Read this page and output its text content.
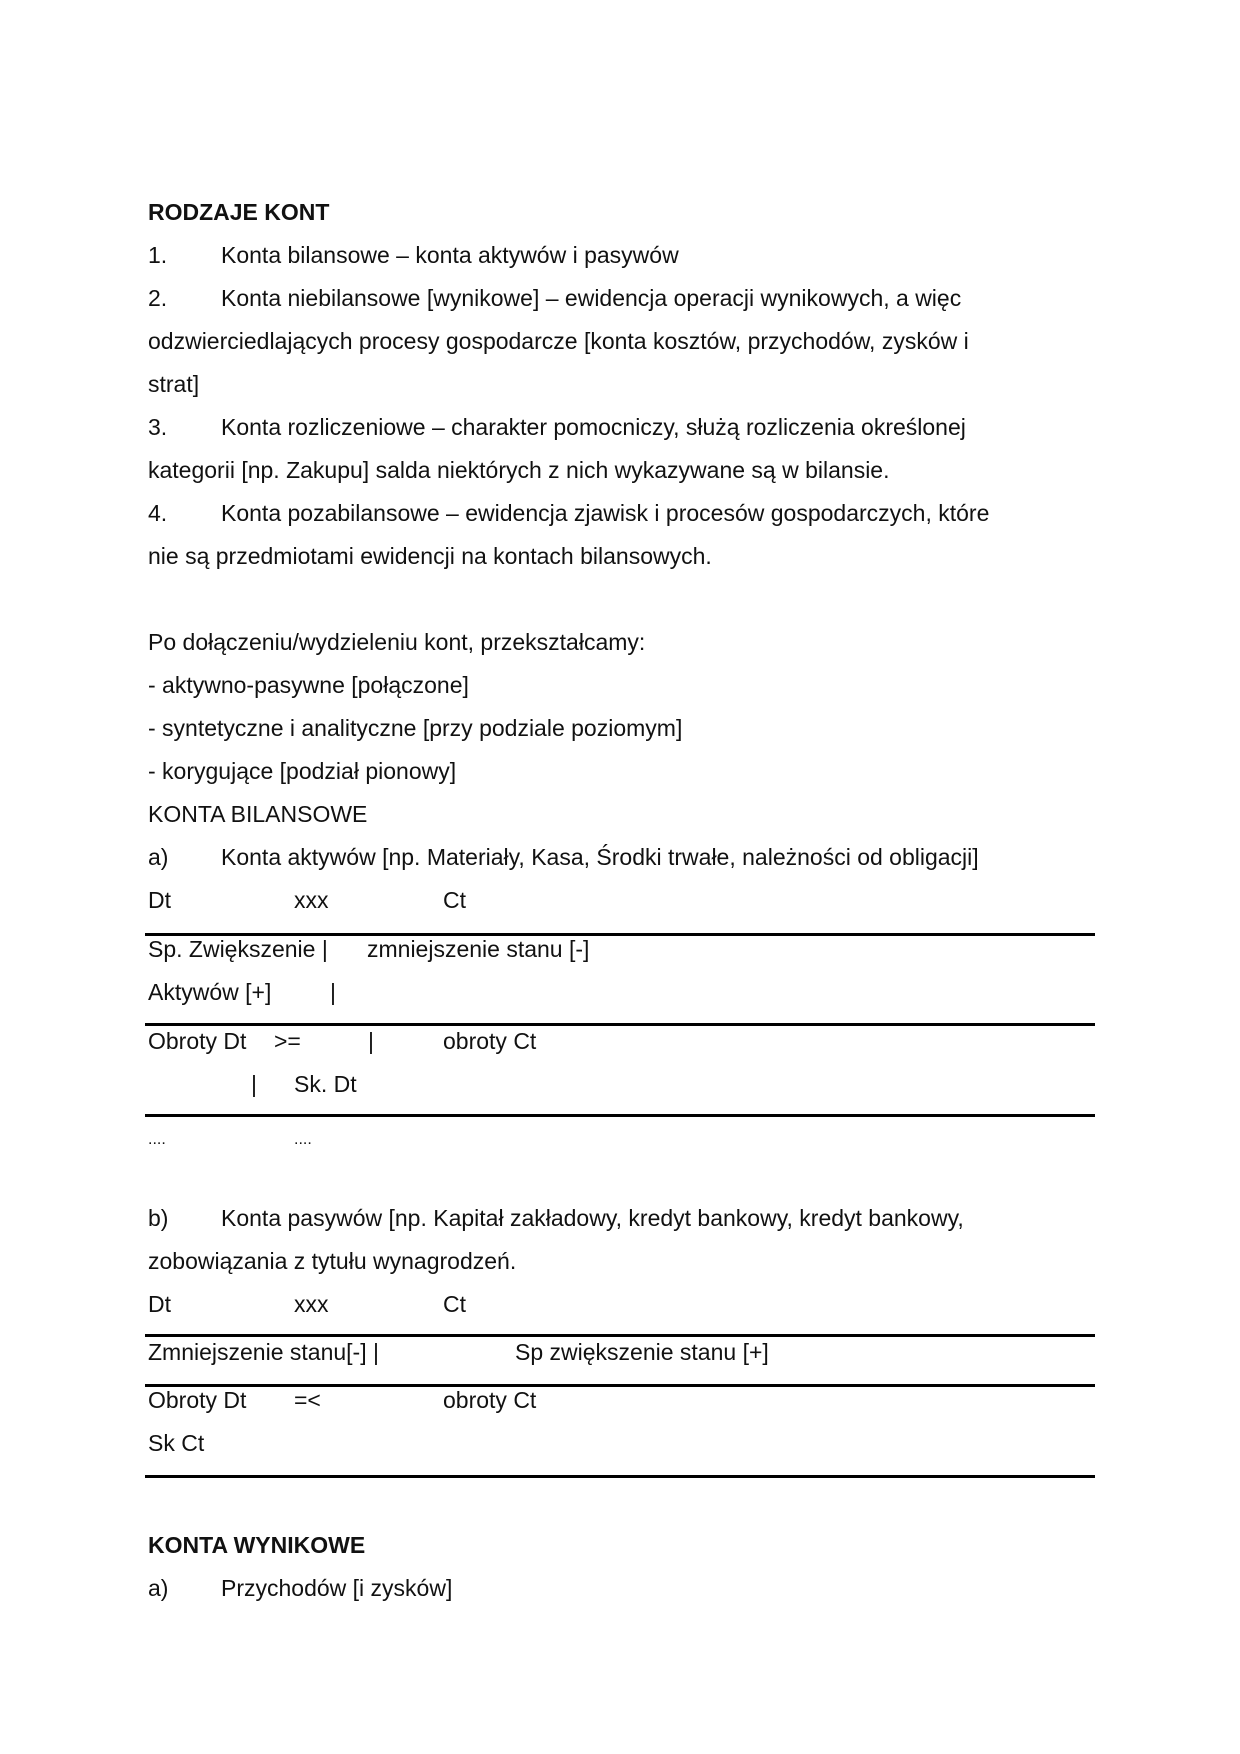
RODZAJE KONT
1. Konta bilansowe – konta aktywów i pasywów
2. Konta niebilansowe [wynikowe] – ewidencja operacji wynikowych, a więc
odzwierciedlających procesy gospodarcze [konta kosztów, przychodów, zysków i
strat]
3. Konta rozliczeniowe – charakter pomocniczy, służą rozliczenia określonej
kategorii [np. Zakupu] salda niektórych z nich wykazywane są w bilansie.
4. Konta pozabilansowe – ewidencja zjawisk i procesów gospodarczych, które
nie są przedmiotami ewidencji na kontach bilansowych.
Po dołączeniu/wydzieleniu kont, przekształcamy:
- aktywno-pasywne [połączone]
- syntetyczne i analityczne [przy podziale poziomym]
- korygujące [podział pionowy]
KONTA BILANSOWE
a) Konta aktywów [np. Materiały, Kasa, Środki trwałe, należności od obligacji]
Dt	xxx	Ct
Sp. Zwiększenie | zmniejszenie stanu [-]
Aktywów [+]	|
Obroty Dt >=	|	obroty Ct
| Sk. Dt
....	....
b) Konta pasywów [np. Kapitał zakładowy, kredyt bankowy, kredyt bankowy,
zobowiązania z tytułu wynagrodzeń.
Dt	xxx	Ct
Zmniejszenie stanu[-] |	Sp zwiększenie stanu [+]
Obroty Dt =<	obroty Ct
Sk Ct
KONTA WYNIKOWE
a) Przychodów [i zysków]
